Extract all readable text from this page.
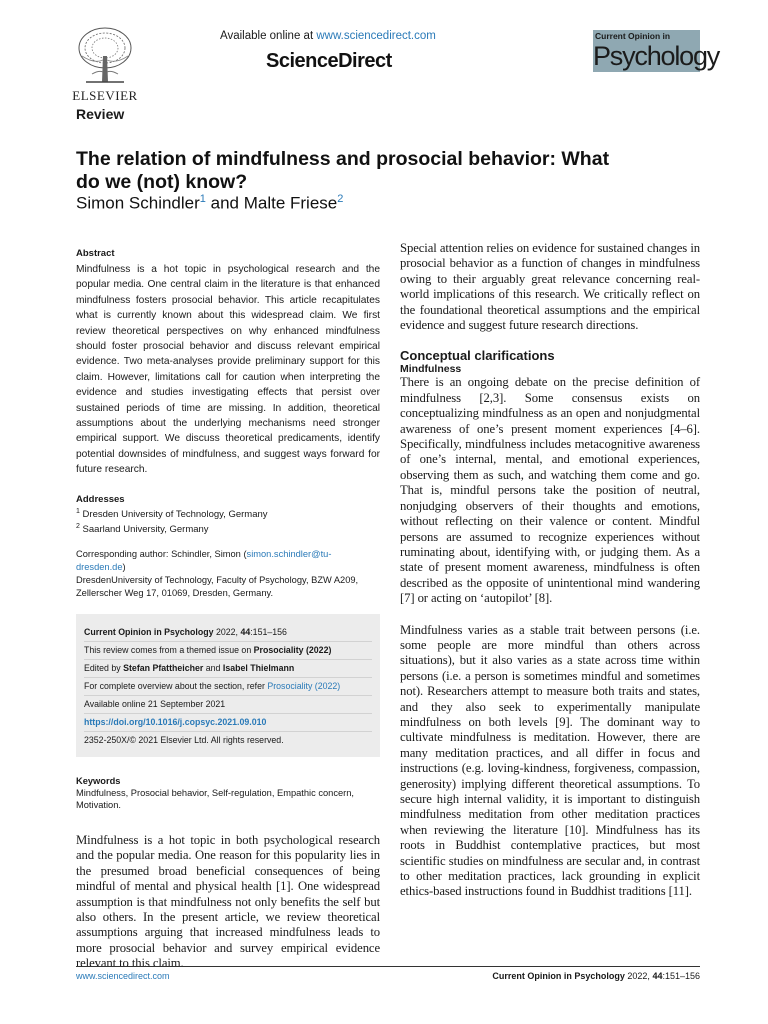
ELSEVIER
Available online at www.sciencedirect.com
ScienceDirect
Current Opinion in
Psychology
Review
The relation of mindfulness and prosocial behavior: What do we (not) know?
Simon Schindler$^1$ and Malte Friese$^2$
Abstract

Mindfulness is a hot topic in psychological research and the popular media. One central claim in the literature is that enhanced mindfulness fosters prosocial behavior. This article recapitulates what is currently known about this widespread claim. We first review theoretical perspectives on why enhanced mindfulness should foster prosocial behavior and discuss relevant empirical evidence. Two meta-analyses provide preliminary support for this claim. However, limitations call for caution when interpreting the evidence and studies investigating effects that persist over sustained periods of time are missing. In addition, theoretical assumptions about the underlying mechanisms need stronger empirical support. We discuss theoretical predicaments, identify potential downsides of mindfulness, and suggest ways forward for future research.

Addresses
$^1$ Dresden University of Technology, Germany
$^2$ Saarland University, Germany
Corresponding author: Schindler, Simon (simon.schindler@tu-dresden.de)
DresdenUniversity of Technology, Faculty of Psychology, BZW A209, Zellerscher Weg 17, 01069, Dresden, Germany.
Current Opinion in Psychology 2022, 44:151–156
This review comes from a themed issue on Prosociality (2022)
Edited by Stefan Pfattheicher and Isabel Thielmann
For complete overview about the section, refer Prosociality (2022)
Available online 21 September 2021
https://doi.org/10.1016/j.copsyc.2021.09.010
2352-250X/© 2021 Elsevier Ltd. All rights reserved.
Keywords
Mindfulness, Prosocial behavior, Self-regulation, Empathic concern, Motivation.

Mindfulness is a hot topic in both psychological research and the popular media. One reason for this popularity lies in the presumed broad beneficial consequences of being mindful of mental and physical health [1]. One widespread assumption is that mindfulness not only benefits the self but also others. In the present article, we review theoretical assumptions arguing that increased mindfulness leads to more prosocial behavior and survey empirical evidence relevant to this claim.

Special attention relies on evidence for sustained changes in prosocial behavior as a function of changes in mindfulness owing to their arguably great relevance concerning real-world implications of this research. We critically reflect on the foundational theoretical assumptions and the empirical evidence and suggest future research directions.

Conceptual clarifications
Mindfulness

There is an ongoing debate on the precise definition of mindfulness [2,3]. Some consensus exists on conceptualizing mindfulness as an open and nonjudgmental awareness of one’s present moment experiences [4–6]. Specifically, mindfulness includes metacognitive awareness of one’s internal, mental, and emotional experiences, observing them as such, and watching them come and go. That is, mindful persons take the position of neutral, nonjudging observers of their thoughts and emotions, without reflecting on their valence or content. Mindful persons are assumed to recognize experiences without ruminating about, identifying with, or judging them. As a state of present moment awareness, mindfulness is often described as the opposite of unintentional mind wandering [7] or acting on ‘autopilot’ [8].

Mindfulness varies as a stable trait between persons (i.e. some people are more mindful than others across situations), but it also varies as a state across time within persons (i.e. a person is sometimes mindful and sometimes not). Researchers attempt to measure both traits and states, and they also seek to experimentally manipulate mindfulness on both levels [9]. The dominant way to cultivate mindfulness is meditation. However, there are many meditation practices, and all differ in focus and instructions (e.g. loving-kindness, forgiveness, compassion, generosity) implying different theoretical assumptions. To secure high internal validity, it is important to distinguish mindfulness meditation from other meditation practices when reviewing the literature [10]. Mindfulness has its roots in Buddhist contemplative practices, but most scientific studies on mindfulness are secular and, in contrast to other meditation practices, lack grounding in explicit ethics-based instructions found in Buddhist traditions [11].

www.sciencedirect.com	Current Opinion in Psychology 2022, 44:151–156
